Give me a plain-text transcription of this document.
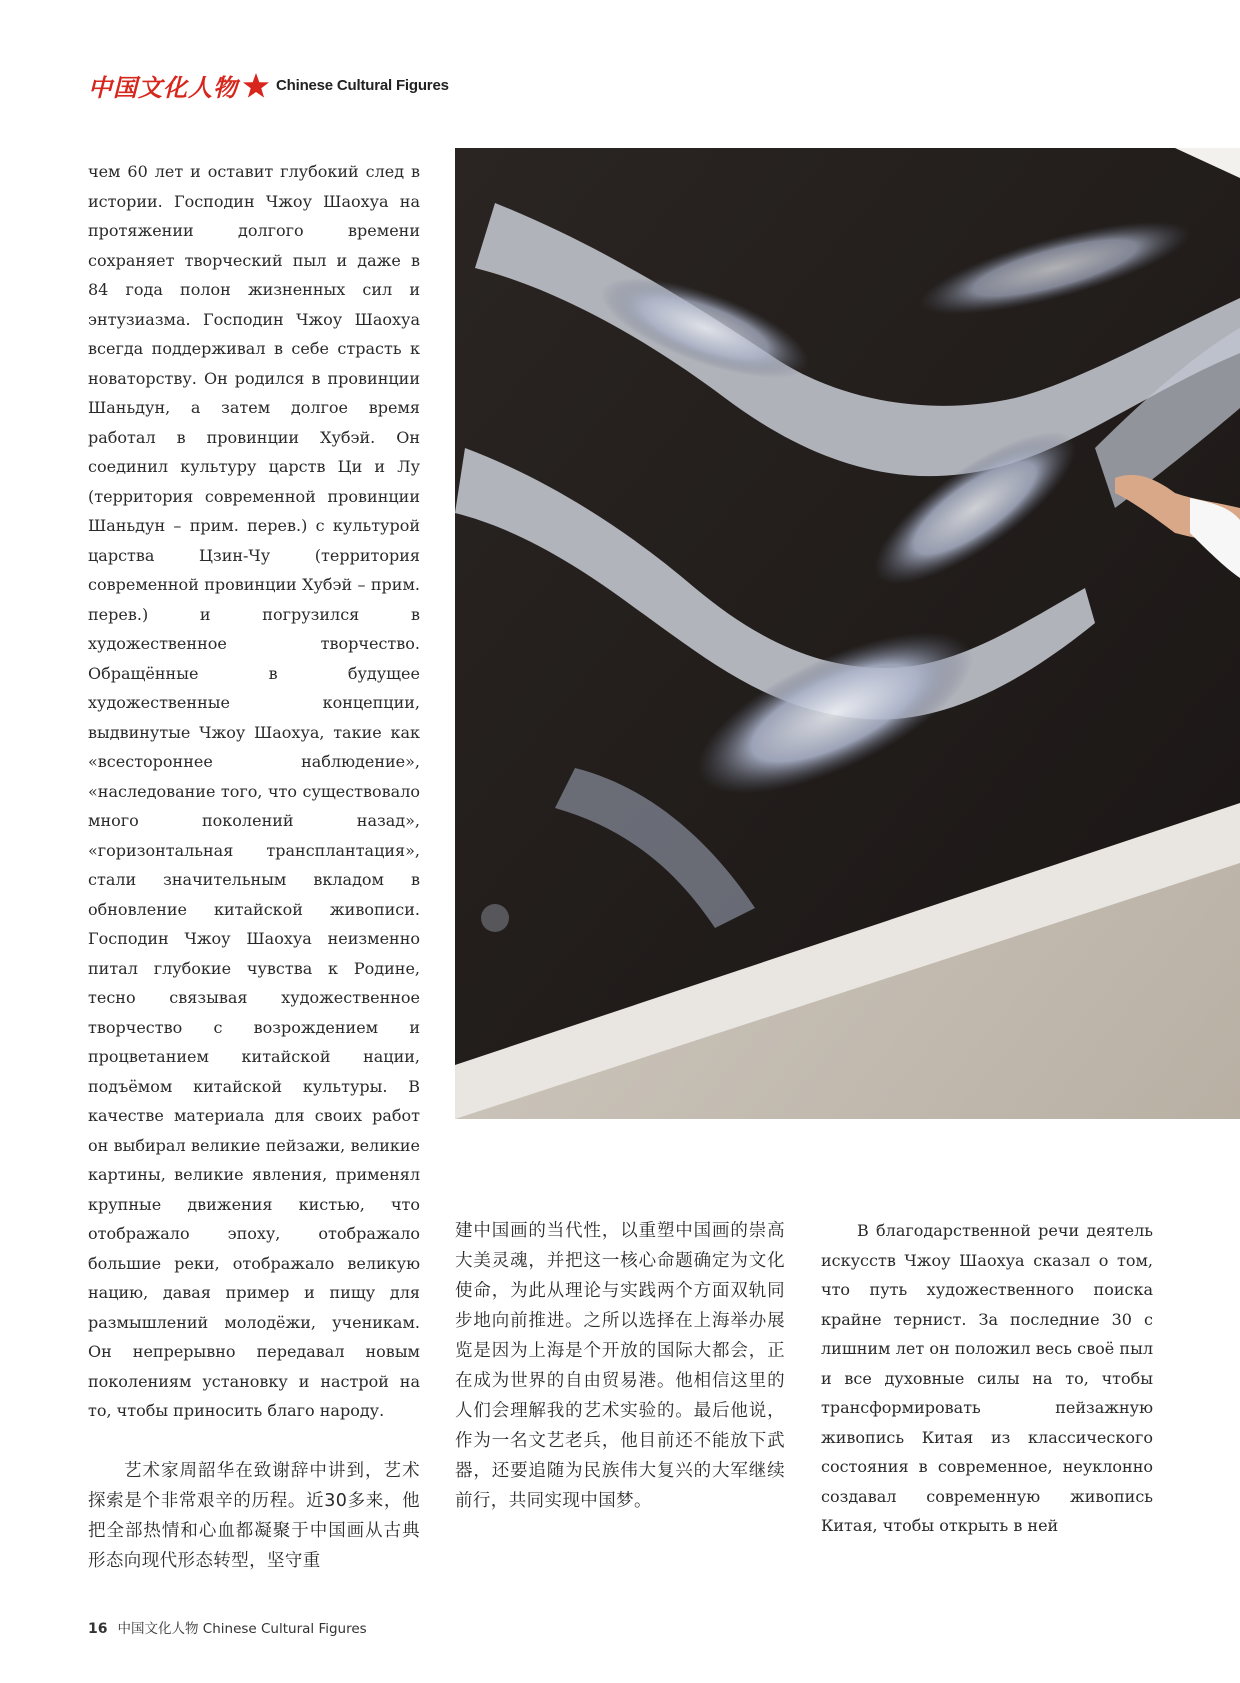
中国文化人物	Chinese Cultural Figures

чем 60 лет и оставит глубокий след в истории. Господин Чжоу Шаохуа на протяжении долгого времени сохраняет творческий пыл и даже в 84 года полон жизненных сил и энтузиазма. Господин Чжоу Шаохуа всегда поддерживал в себе страсть к новаторству. Он родился в провинции Шаньдун, а затем долгое время работал в провинции Хубэй. Он соединил культуру царств Ци и Лу (территория современной провинции Шаньдун – прим. перев.) с культурой царства Цзин-Чу (территория современной провинции Хубэй – прим. перев.) и погрузился в художественное творчество. Обращённые в будущее художественные концепции, выдвинутые Чжоу Шаохуа, такие как «всестороннее наблюдение», «наследование того, что существовало много поколений назад», «горизонтальная трансплантация», стали значительным вкладом в обновление китайской живописи. Господин Чжоу Шаохуа неизменно питал глубокие чувства к Родине, тесно связывая художественное творчество с возрождением и процветанием китайской нации, подъёмом китайской культуры. В качестве материала для своих работ он выбирал великие пейзажи, великие картины, великие явления, применял крупные движения кистью, что отображало эпоху, отображало большие реки, отображало великую нацию, давая пример и пищу для размышлений молодёжи, ученикам. Он непрерывно передавал новым поколениям установку и настрой на то, чтобы приносить благо народу.

艺术家周韶华在致谢辞中讲到，艺术探索是个非常艰辛的历程。近30多来，他把全部热情和心血都凝聚于中国画从古典形态向现代形态转型，坚守重

建中国画的当代性，以重塑中国画的崇高大美灵魂，并把这一核心命题确定为文化使命，为此从理论与实践两个方面双轨同步地向前推进。之所以选择在上海举办展览是因为上海是个开放的国际大都会，正在成为世界的自由贸易港。他相信这里的人们会理解我的艺术实验的。最后他说，作为一名文艺老兵，他目前还不能放下武器，还要追随为民族伟大复兴的大军继续前行，共同实现中国梦。

В благодарственной речи деятель искусств Чжоу Шаохуа сказал о том, что путь художественного поиска крайне тернист. За последние 30 с лишним лет он положил весь своё пыл и все духовные силы на то, чтобы трансформировать пейзажную живопись Китая из классического состояния в современное, неуклонно создавал современную живопись Китая, чтобы открыть в ней

16 中国文化人物 Chinese Cultural Figures
